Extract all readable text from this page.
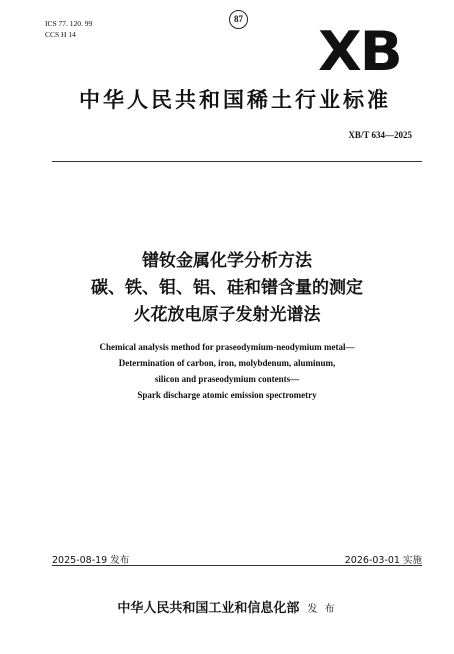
ICS 77. 120. 99
CCS H 14
87
XB
中华人民共和国稀土行业标准
XB/T 634—2025
镨钕金属化学分析方法
碳、铁、钼、铝、硅和镨含量的测定
火花放电原子发射光谱法
Chemical analysis method for praseodymium-neodymium metal—
Determination of carbon, iron, molybdenum, aluminum,
silicon and praseodymium contents—
Spark discharge atomic emission spectrometry
2025-08-19 发布	2026-03-01 实施
中华人民共和国工业和信息化部 发 布
